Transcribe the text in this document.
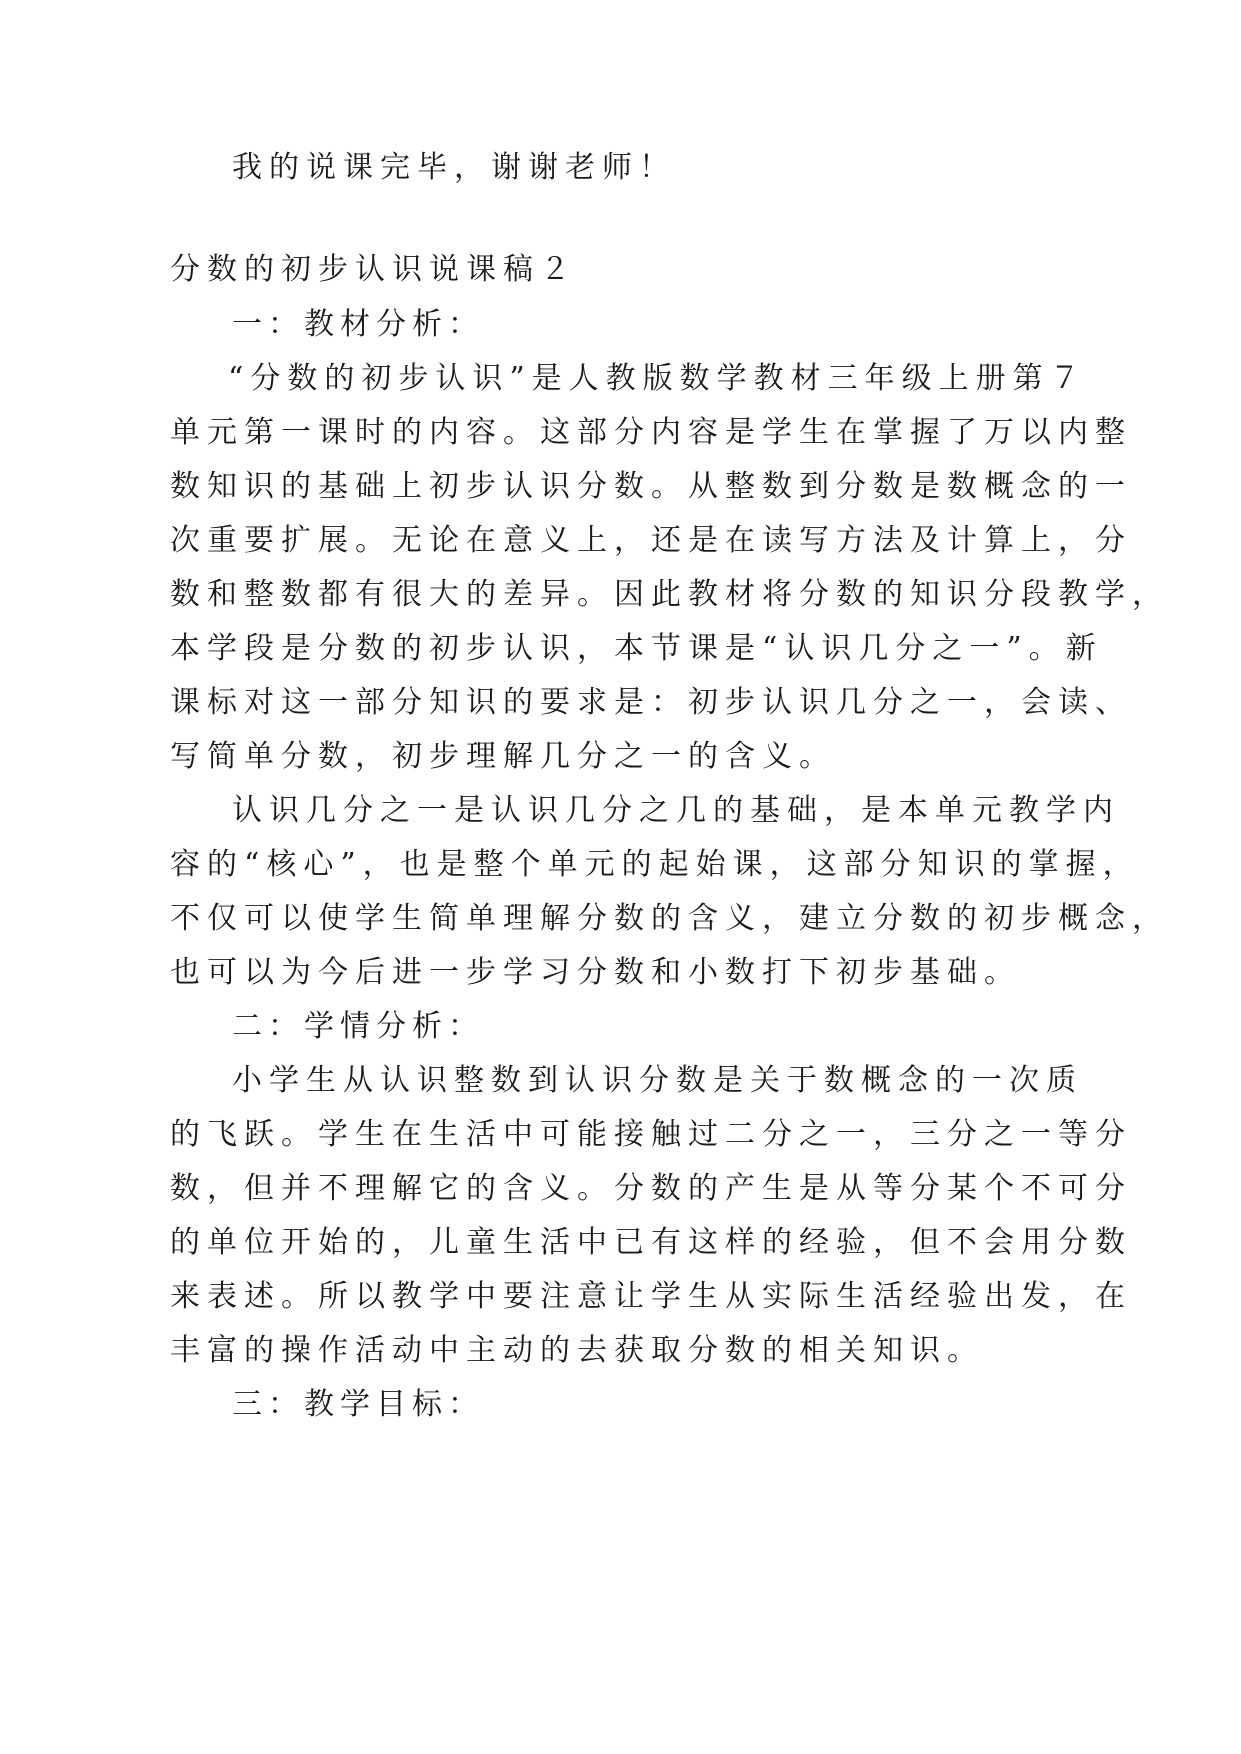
我的说课完毕，谢谢老师！
分数的初步认识说课稿２
一：教材分析：
“分数的初步认识”是人教版数学教材三年级上册第７
单元第一课时的内容。这部分内容是学生在掌握了万以内整
数知识的基础上初步认识分数。从整数到分数是数概念的一
次重要扩展。无论在意义上，还是在读写方法及计算上，分
数和整数都有很大的差异。因此教材将分数的知识分段教学，
本学段是分数的初步认识，本节课是“认识几分之一”。新
课标对这一部分知识的要求是：初步认识几分之一，会读、
写简单分数，初步理解几分之一的含义。
认识几分之一是认识几分之几的基础，是本单元教学内
容的“核心”，也是整个单元的起始课，这部分知识的掌握，
不仅可以使学生简单理解分数的含义，建立分数的初步概念，
也可以为今后进一步学习分数和小数打下初步基础。
二：学情分析：
小学生从认识整数到认识分数是关于数概念的一次质
的飞跃。学生在生活中可能接触过二分之一，三分之一等分
数，但并不理解它的含义。分数的产生是从等分某个不可分
的单位开始的，儿童生活中已有这样的经验，但不会用分数
来表述。所以教学中要注意让学生从实际生活经验出发，在
丰富的操作活动中主动的去获取分数的相关知识。
三：教学目标：
